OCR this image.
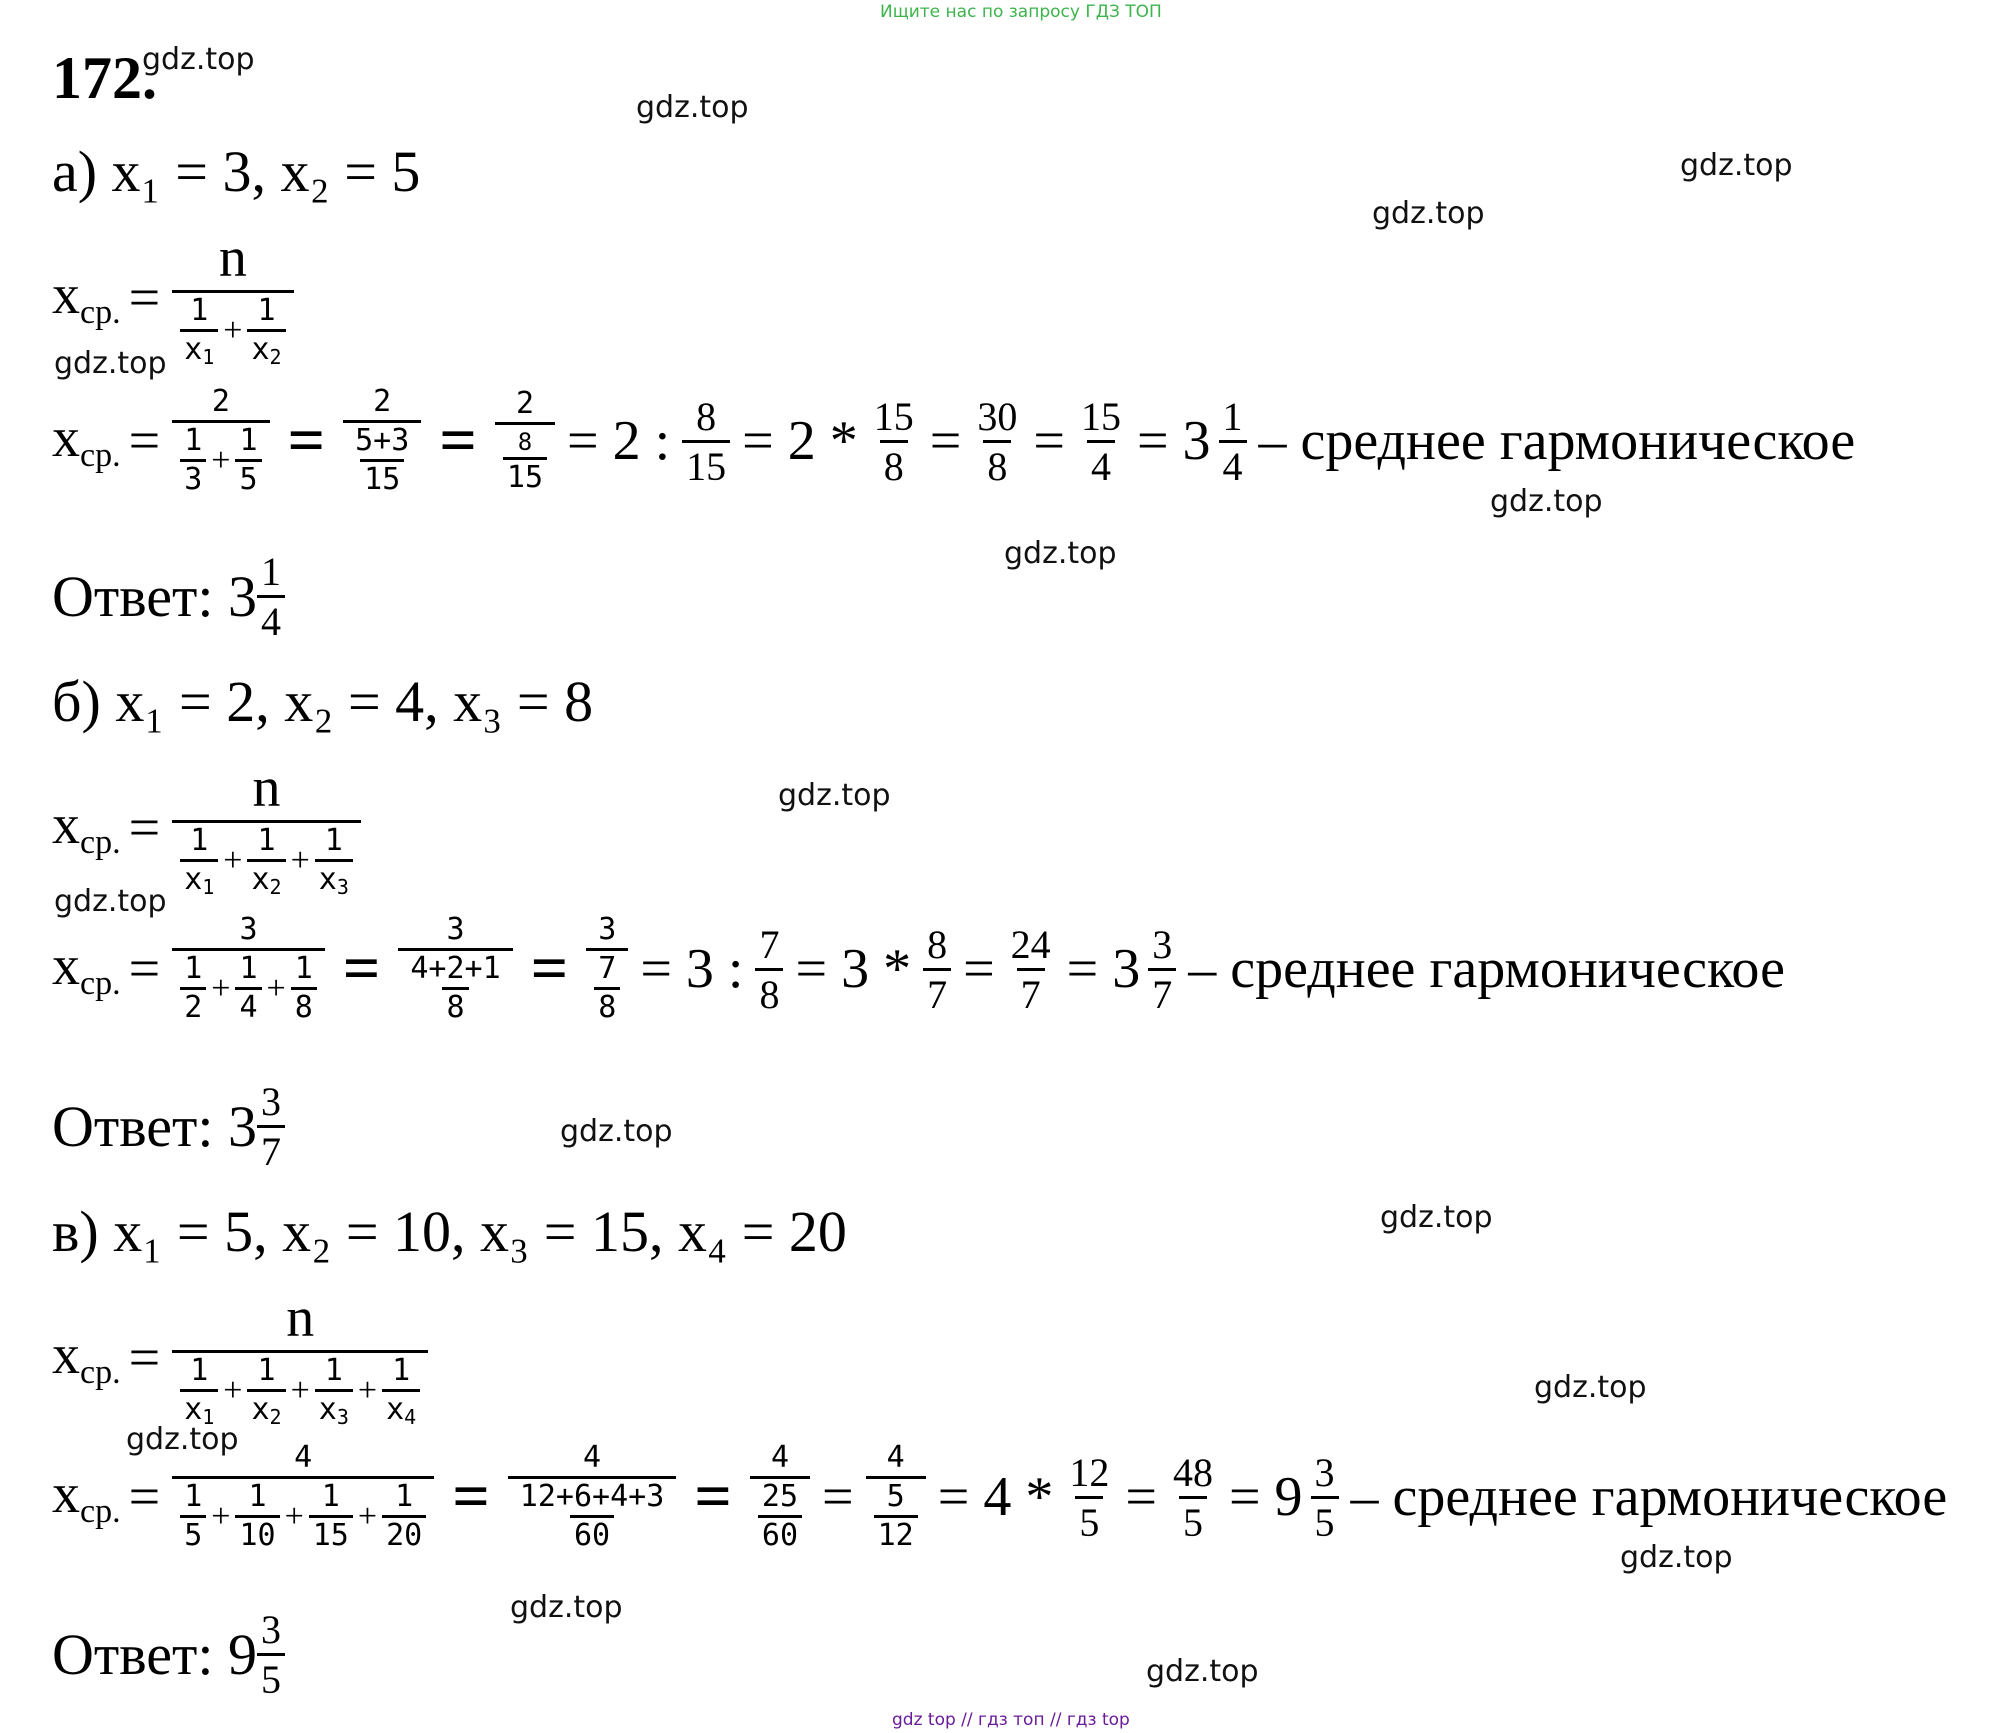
Ищите нас по запросу ГДЗ ТОП
172.
gdz.top
gdz.top
gdz.top
gdz.top
gdz.top
gdz.top
gdz.top
gdz.top
gdz.top
gdz.top
gdz.top
gdz.top
gdz.top
gdz.top
gdz.top
gdz.top
а) x₁ = 3, x₂ = 5
$x_{ср.} = \frac{n}{\frac{1}{x_1} + \frac{1}{x_2}}$
$x_{ср.} = \frac{2}{\frac{1}{3} + \frac{1}{5}} = \frac{2}{\frac{5+3}{15}} = \frac{2}{\frac{8}{15}} = 2$ : $\frac{8}{15} = 2 * \frac{15}{8} = \frac{30}{8} = \frac{15}{4} = 3 \frac{1}{4}$ – среднее гармоническое
Ответ:
$3 \frac{1}{4}$
б) x₁ = 2, x₂ = 4, x₃ = 8
$x_{ср.} = \frac{n}{\frac{1}{x_1} + \frac{1}{x_2} + \frac{1}{x_3}}$
$x_{ср.} = \frac{3}{\frac{1}{2} + \frac{1}{4} + \frac{1}{8}} = \frac{3}{\frac{4+2+1}{8}} = \frac{3}{\frac{7}{8}} = 3$ : $\frac{7}{8} = 3 * \frac{8}{7} = \frac{24}{7} = 3 \frac{3}{7}$ – среднее гармоническое
Ответ:
$3 \frac{3}{7}$
в) x₁ = 5, x₂ = 10, x₃ = 15, x₄ = 20
$x_{ср.} = \frac{n}{\frac{1}{x_1} + \frac{1}{x_2} + \frac{1}{x_3} + \frac{1}{x_4}}$
$x_{ср.} = \frac{4}{\frac{1}{5} + \frac{1}{10} + \frac{1}{15} + \frac{1}{20}} = \frac{4}{\frac{12+6+4+3}{60}} = \frac{4}{\frac{25}{60}} = \frac{4}{\frac{5}{12}} = 4 * \frac{12}{5} = \frac{48}{5} = 9 \frac{3}{5}$ – среднее гармоническое
Ответ:
$9 \frac{3}{5}$
gdz top // гдз топ // гдз top
